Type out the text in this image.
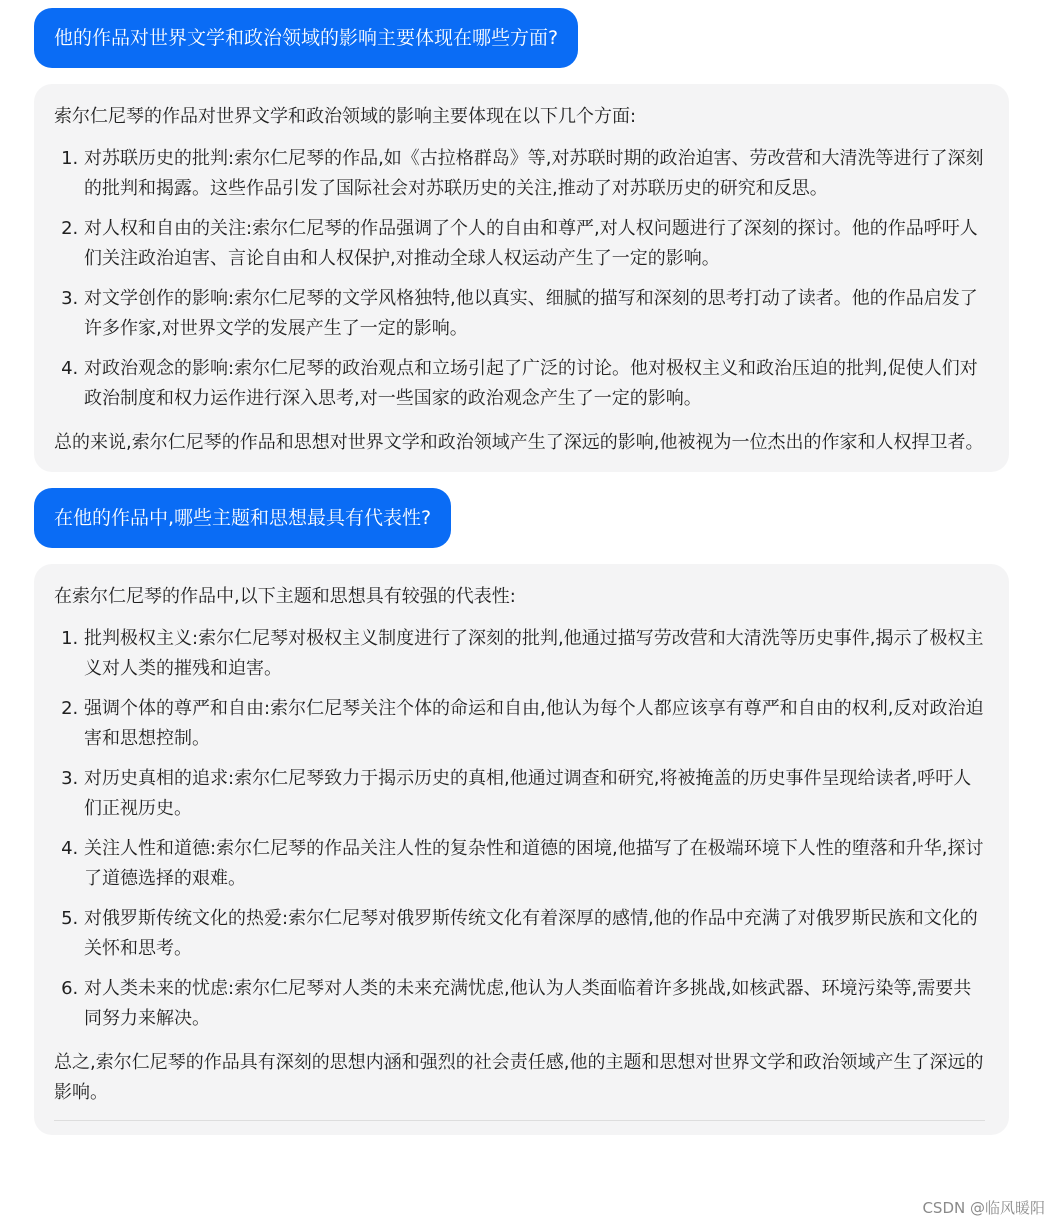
他的作品对世界文学和政治领域的影响主要体现在哪些方面?

索尔仁尼琴的作品对世界文学和政治领域的影响主要体现在以下几个方面:

1. 对苏联历史的批判:索尔仁尼琴的作品,如《古拉格群岛》等,对苏联时期的政治迫害、劳改营和大清洗等进行了深刻的批判和揭露。这些作品引发了国际社会对苏联历史的关注,推动了对苏联历史的研究和反思。
2. 对人权和自由的关注:索尔仁尼琴的作品强调了个人的自由和尊严,对人权问题进行了深刻的探讨。他的作品呼吁人们关注政治迫害、言论自由和人权保护,对推动全球人权运动产生了一定的影响。
3. 对文学创作的影响:索尔仁尼琴的文学风格独特,他以真实、细腻的描写和深刻的思考打动了读者。他的作品启发了许多作家,对世界文学的发展产生了一定的影响。
4. 对政治观念的影响:索尔仁尼琴的政治观点和立场引起了广泛的讨论。他对极权主义和政治压迫的批判,促使人们对政治制度和权力运作进行深入思考,对一些国家的政治观念产生了一定的影响。

总的来说,索尔仁尼琴的作品和思想对世界文学和政治领域产生了深远的影响,他被视为一位杰出的作家和人权捍卫者。

在他的作品中,哪些主题和思想最具有代表性?

在索尔仁尼琴的作品中,以下主题和思想具有较强的代表性:

1. 批判极权主义:索尔仁尼琴对极权主义制度进行了深刻的批判,他通过描写劳改营和大清洗等历史事件,揭示了极权主义对人类的摧残和迫害。
2. 强调个体的尊严和自由:索尔仁尼琴关注个体的命运和自由,他认为每个人都应该享有尊严和自由的权利,反对政治迫害和思想控制。
3. 对历史真相的追求:索尔仁尼琴致力于揭示历史的真相,他通过调查和研究,将被掩盖的历史事件呈现给读者,呼吁人们正视历史。
4. 关注人性和道德:索尔仁尼琴的作品关注人性的复杂性和道德的困境,他描写了在极端环境下人性的堕落和升华,探讨了道德选择的艰难。
5. 对俄罗斯传统文化的热爱:索尔仁尼琴对俄罗斯传统文化有着深厚的感情,他的作品中充满了对俄罗斯民族和文化的关怀和思考。
6. 对人类未来的忧虑:索尔仁尼琴对人类的未来充满忧虑,他认为人类面临着许多挑战,如核武器、环境污染等,需要共同努力来解决。

总之,索尔仁尼琴的作品具有深刻的思想内涵和强烈的社会责任感,他的主题和思想对世界文学和政治领域产生了深远的影响。

CSDN @临风暖阳
